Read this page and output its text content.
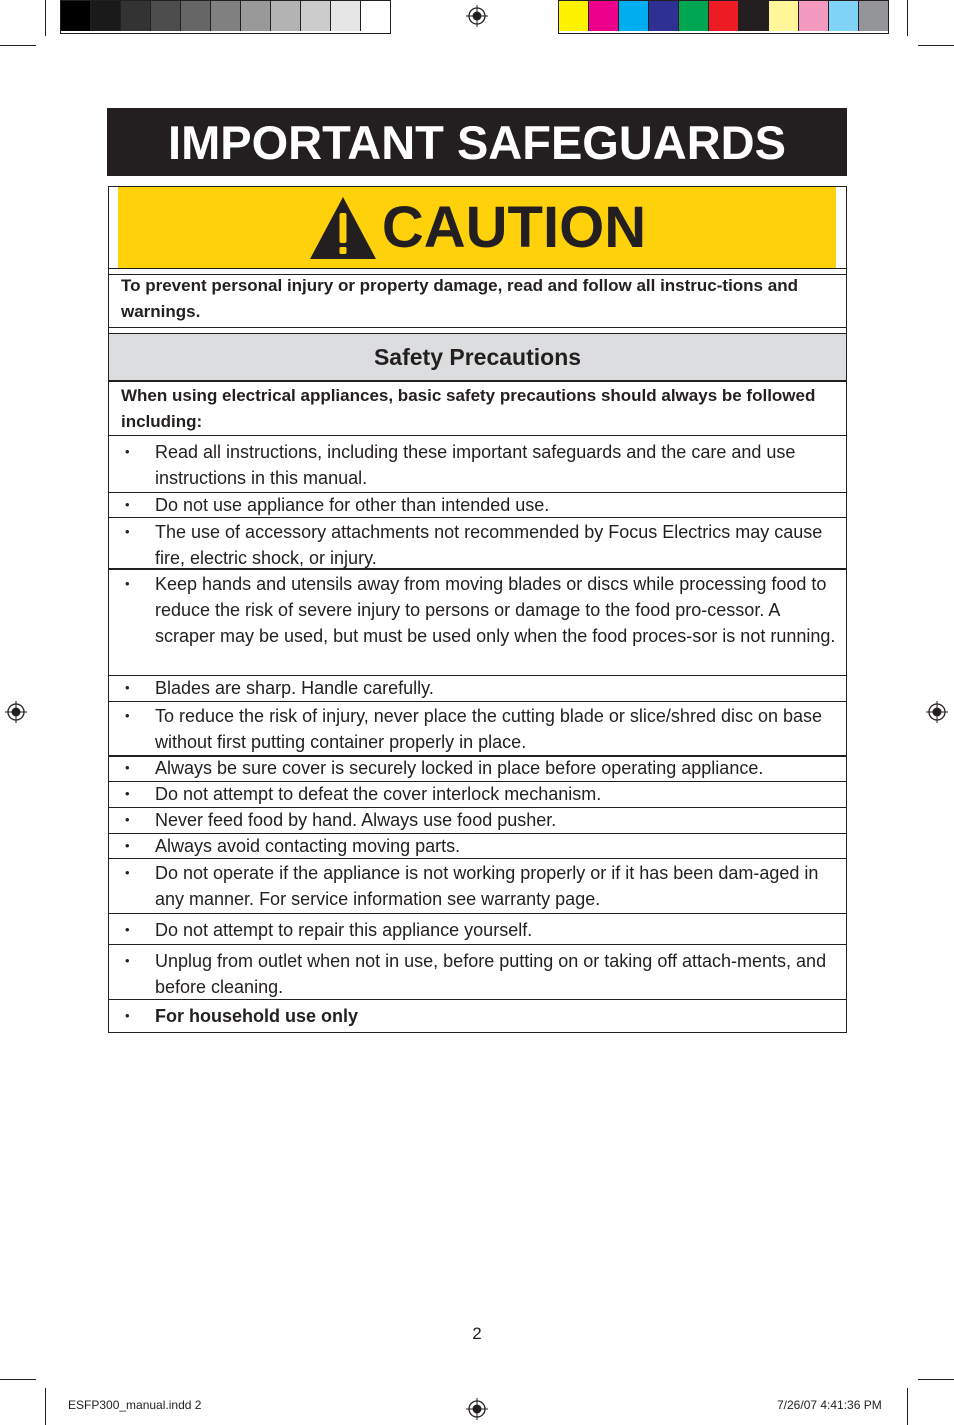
IMPORTANT SAFEGUARDS
CAUTION
To prevent personal injury or property damage, read and follow all instruc-tions and warnings.
Safety Precautions
When using electrical appliances, basic safety precautions should always be followed including:
• Read all instructions, including these important safeguards and the care and use instructions in this manual.
• Do not use appliance for other than intended use.
• The use of accessory attachments not recommended by Focus Electrics may cause fire, electric shock, or injury.
• Keep hands and utensils away from moving blades or discs while processing food to reduce the risk of severe injury to persons or damage to the food pro-cessor. A scraper may be used, but must be used only when the food proces-sor is not running.
• Blades are sharp. Handle carefully.
• To reduce the risk of injury, never place the cutting blade or slice/shred disc on base without first putting container properly in place.
• Always be sure cover is securely locked in place before operating appliance.
• Do not attempt to defeat the cover interlock mechanism.
• Never feed food by hand. Always use food pusher.
• Always avoid contacting moving parts.
• Do not operate if the appliance is not working properly or if it has been dam-aged in any manner. For service information see warranty page.
• Do not attempt to repair this appliance yourself.
• Unplug from outlet when not in use, before putting on or taking off attach-ments, and before cleaning.
• For household use only
2
ESFP300_manual.indd 2	7/26/07 4:41:36 PM
